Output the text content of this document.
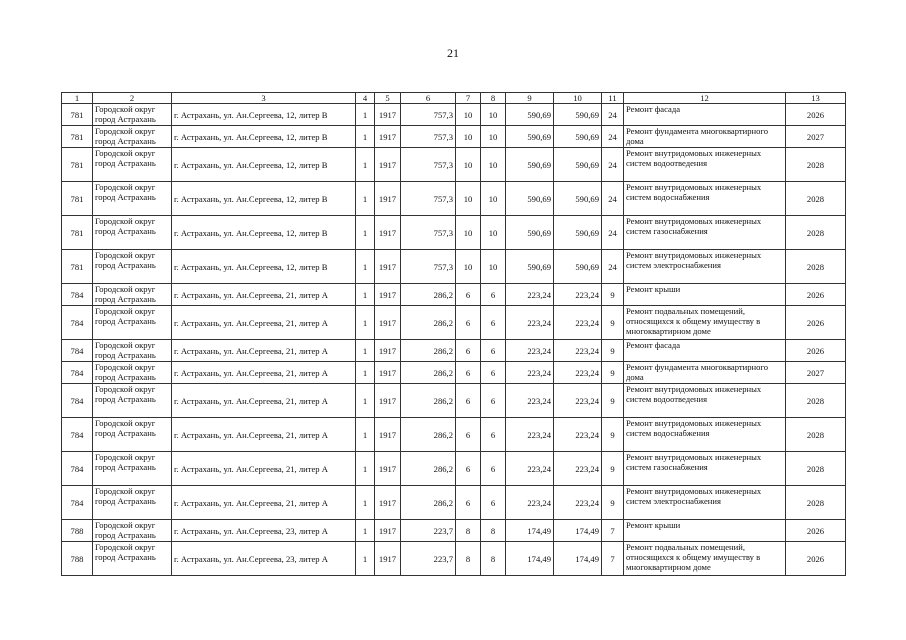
21
1	2	3	4	5	6	7	8	9	10	11	12	13
781	Городской округ город Астрахань	г. Астрахань, ул. Ан.Сергеева, 12, литер В	1	1917	757,3	10	10	590,69	590,69	24	Ремонт фасада	2026
781	Городской округ город Астрахань	г. Астрахань, ул. Ан.Сергеева, 12, литер В	1	1917	757,3	10	10	590,69	590,69	24	Ремонт фундамента многоквартирного дома	2027
781	Городской округ город Астрахань	г. Астрахань, ул. Ан.Сергеева, 12, литер В	1	1917	757,3	10	10	590,69	590,69	24	Ремонт внутридомовых инженерных систем водоотведения	2028
781	Городской округ город Астрахань	г. Астрахань, ул. Ан.Сергеева, 12, литер В	1	1917	757,3	10	10	590,69	590,69	24	Ремонт внутридомовых инженерных систем водоснабжения	2028
781	Городской округ город Астрахань	г. Астрахань, ул. Ан.Сергеева, 12, литер В	1	1917	757,3	10	10	590,69	590,69	24	Ремонт внутридомовых инженерных систем газоснабжения	2028
781	Городской округ город Астрахань	г. Астрахань, ул. Ан.Сергеева, 12, литер В	1	1917	757,3	10	10	590,69	590,69	24	Ремонт внутридомовых инженерных систем электроснабжения	2028
784	Городской округ город Астрахань	г. Астрахань, ул. Ан.Сергеева, 21, литер А	1	1917	286,2	6	6	223,24	223,24	9	Ремонт крыши	2026
784	Городской округ город Астрахань	г. Астрахань, ул. Ан.Сергеева, 21, литер А	1	1917	286,2	6	6	223,24	223,24	9	Ремонт подвальных помещений, относящихся к общему имуществу в многоквартирном доме	2026
784	Городской округ город Астрахань	г. Астрахань, ул. Ан.Сергеева, 21, литер А	1	1917	286,2	6	6	223,24	223,24	9	Ремонт фасада	2026
784	Городской округ город Астрахань	г. Астрахань, ул. Ан.Сергеева, 21, литер А	1	1917	286,2	6	6	223,24	223,24	9	Ремонт фундамента многоквартирного дома	2027
784	Городской округ город Астрахань	г. Астрахань, ул. Ан.Сергеева, 21, литер А	1	1917	286,2	6	6	223,24	223,24	9	Ремонт внутридомовых инженерных систем водоотведения	2028
784	Городской округ город Астрахань	г. Астрахань, ул. Ан.Сергеева, 21, литер А	1	1917	286,2	6	6	223,24	223,24	9	Ремонт внутридомовых инженерных систем водоснабжения	2028
784	Городской округ город Астрахань	г. Астрахань, ул. Ан.Сергеева, 21, литер А	1	1917	286,2	6	6	223,24	223,24	9	Ремонт внутридомовых инженерных систем газоснабжения	2028
784	Городской округ город Астрахань	г. Астрахань, ул. Ан.Сергеева, 21, литер А	1	1917	286,2	6	6	223,24	223,24	9	Ремонт внутридомовых инженерных систем электроснабжения	2028
788	Городской округ город Астрахань	г. Астрахань, ул. Ан.Сергеева, 23, литер А	1	1917	223,7	8	8	174,49	174,49	7	Ремонт крыши	2026
788	Городской округ город Астрахань	г. Астрахань, ул. Ан.Сергеева, 23, литер А	1	1917	223,7	8	8	174,49	174,49	7	Ремонт подвальных помещений, относящихся к общему имуществу в многоквартирном доме	2026
